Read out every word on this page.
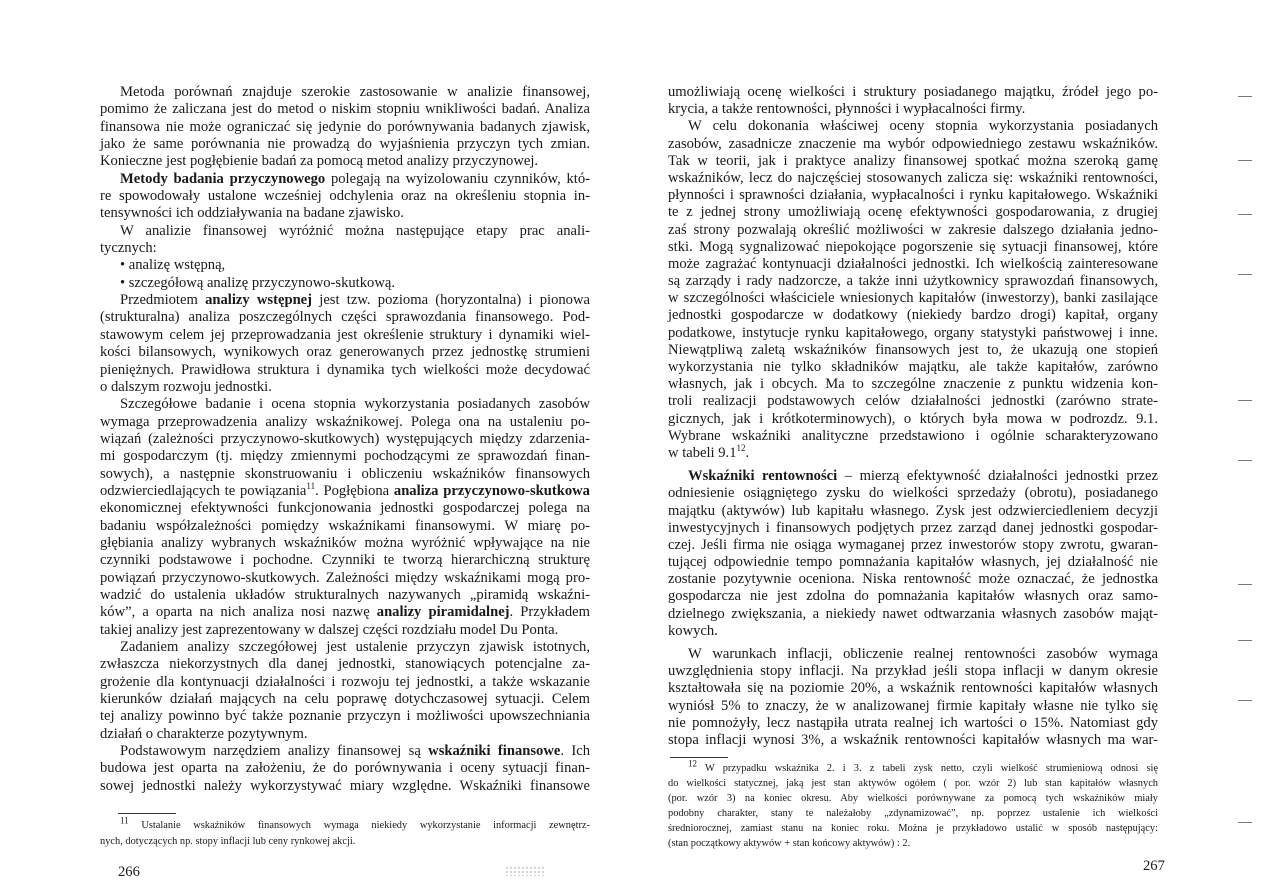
Metoda porównań znajduje szerokie zastosowanie w analizie finansowej,
pomimo że zaliczana jest do metod o niskim stopniu wnikliwości badań. Analiza
finansowa nie może ograniczać się jedynie do porównywania badanych zjawisk,
jako że same porównania nie prowadzą do wyjaśnienia przyczyn tych zmian.
Konieczne jest pogłębienie badań za pomocą metod analizy przyczynowej.
Metody badania przyczynowego polegają na wyizolowaniu czynników, któ-
re spowodowały ustalone wcześniej odchylenia oraz na określeniu stopnia in-
tensywności ich oddziaływania na badane zjawisko.
W analizie finansowej wyróżnić można następujące etapy prac anali-
tycznych:
• analizę wstępną,
• szczegółową analizę przyczynowo-skutkową.
Przedmiotem analizy wstępnej jest tzw. pozioma (horyzontalna) i pionowa
(strukturalna) analiza poszczególnych części sprawozdania finansowego. Pod-
stawowym celem jej przeprowadzania jest określenie struktury i dynamiki wiel-
kości bilansowych, wynikowych oraz generowanych przez jednostkę strumieni
pieniężnych. Prawidłowa struktura i dynamika tych wielkości może decydować
o dalszym rozwoju jednostki.
Szczegółowe badanie i ocena stopnia wykorzystania posiadanych zasobów
wymaga przeprowadzenia analizy wskaźnikowej. Polega ona na ustaleniu po-
wiązań (zależności przyczynowo-skutkowych) występujących między zdarzenia-
mi gospodarczym (tj. między zmiennymi pochodzącymi ze sprawozdań finan-
sowych), a następnie skonstruowaniu i obliczeniu wskaźników finansowych
odzwierciedlających te powiązania$^{11}$. Pogłębiona analiza przyczynowo-skutkowa
ekonomicznej efektywności funkcjonowania jednostki gospodarczej polega na
badaniu współzależności pomiędzy wskaźnikami finansowymi. W miarę po-
głębiania analizy wybranych wskaźników można wyróżnić wpływające na nie
czynniki podstawowe i pochodne. Czynniki te tworzą hierarchiczną strukturę
powiązań przyczynowo-skutkowych. Zależności między wskaźnikami mogą pro-
wadzić do ustalenia układów strukturalnych nazywanych „piramidą wskaźni-
ków”, a oparta na nich analiza nosi nazwę analizy piramidalnej. Przykładem
takiej analizy jest zaprezentowany w dalszej części rozdziału model Du Ponta.
Zadaniem analizy szczegółowej jest ustalenie przyczyn zjawisk istotnych,
zwłaszcza niekorzystnych dla danej jednostki, stanowiących potencjalne za-
grożenie dla kontynuacji działalności i rozwoju tej jednostki, a także wskazanie
kierunków działań mających na celu poprawę dotychczasowej sytuacji. Celem
tej analizy powinno być także poznanie przyczyn i możliwości upowszechniania
działań o charakterze pozytywnym.
Podstawowym narzędziem analizy finansowej są wskaźniki finansowe. Ich
budowa jest oparta na założeniu, że do porównywania i oceny sytuacji finan-
sowej jednostki należy wykorzystywać miary względne. Wskaźniki finansowe
$^{11}$ Ustalanie wskaźników finansowych wymaga niekiedy wykorzystanie informacji zewnętrz-
nych, dotyczących np. stopy inflacji lub ceny rynkowej akcji.
266
umożliwiają ocenę wielkości i struktury posiadanego majątku, źródeł jego po-
krycia, a także rentowności, płynności i wypłacalności firmy.
W celu dokonania właściwej oceny stopnia wykorzystania posiadanych
zasobów, zasadnicze znaczenie ma wybór odpowiedniego zestawu wskaźników.
Tak w teorii, jak i praktyce analizy finansowej spotkać można szeroką gamę
wskaźników, lecz do najczęściej stosowanych zalicza się: wskaźniki rentowności,
płynności i sprawności działania, wypłacalności i rynku kapitałowego. Wskaźniki
te z jednej strony umożliwiają ocenę efektywności gospodarowania, z drugiej
zaś strony pozwalają określić możliwości w zakresie dalszego działania jedno-
stki. Mogą sygnalizować niepokojące pogorszenie się sytuacji finansowej, które
może zagrażać kontynuacji działalności jednostki. Ich wielkością zainteresowane
są zarządy i rady nadzorcze, a także inni użytkownicy sprawozdań finansowych,
w szczególności właściciele wniesionych kapitałów (inwestorzy), banki zasilające
jednostki gospodarcze w dodatkowy (niekiedy bardzo drogi) kapitał, organy
podatkowe, instytucje rynku kapitałowego, organy statystyki państwowej i inne.
Niewątpliwą zaletą wskaźników finansowych jest to, że ukazują one stopień
wykorzystania nie tylko składników majątku, ale także kapitałów, zarówno
własnych, jak i obcych. Ma to szczególne znaczenie z punktu widzenia kon-
troli realizacji podstawowych celów działalności jednostki (zarówno strate-
gicznych, jak i krótkoterminowych), o których była mowa w podrozdz. 9.1.
Wybrane wskaźniki analityczne przedstawiono i ogólnie scharakteryzowano
w tabeli $9.1^{12}$.
Wskaźniki rentowności – mierzą efektywność działalności jednostki przez
odniesienie osiągniętego zysku do wielkości sprzedaży (obrotu), posiadanego
majątku (aktywów) lub kapitału własnego. Zysk jest odzwierciedleniem decyzji
inwestycyjnych i finansowych podjętych przez zarząd danej jednostki gospodar-
czej. Jeśli firma nie osiąga wymaganej przez inwestorów stopy zwrotu, gwaran-
tującej odpowiednie tempo pomnażania kapitałów własnych, jej działalność nie
zostanie pozytywnie oceniona. Niska rentowność może oznaczać, że jednostka
gospodarcza nie jest zdolna do pomnażania kapitałów własnych oraz samo-
dzielnego zwiększania, a niekiedy nawet odtwarzania własnych zasobów mająt-
kowych.
W warunkach inflacji, obliczenie realnej rentowności zasobów wymaga
uwzględnienia stopy inflacji. Na przykład jeśli stopa inflacji w danym okresie
kształtowała się na poziomie 20%, a wskaźnik rentowności kapitałów własnych
wyniósł 5% to znaczy, że w analizowanej firmie kapitały własne nie tylko się
nie pomnożyły, lecz nastąpiła utrata realnej ich wartości o 15%. Natomiast gdy
stopa inflacji wynosi 3%, a wskaźnik rentowności kapitałów własnych ma war-
$^{12}$ W przypadku wskaźnika 2. i 3. z tabeli zysk netto, czyli wielkość strumieniową odnosi się
do wielkości statycznej, jaką jest stan aktywów ogółem ( por. wzór 2) lub stan kapitałów własnych
(por. wzór 3) na koniec okresu. Aby wielkości porównywane za pomocą tych wskaźników miały
podobny charakter, stany te należałoby „zdynamizować”, np. poprzez ustalenie ich wielkości
średniorocznej, zamiast stanu na koniec roku. Można je przykładowo ustalić w sposób następujący:
(stan początkowy aktywów + stan końcowy aktywów) : 2.
267
